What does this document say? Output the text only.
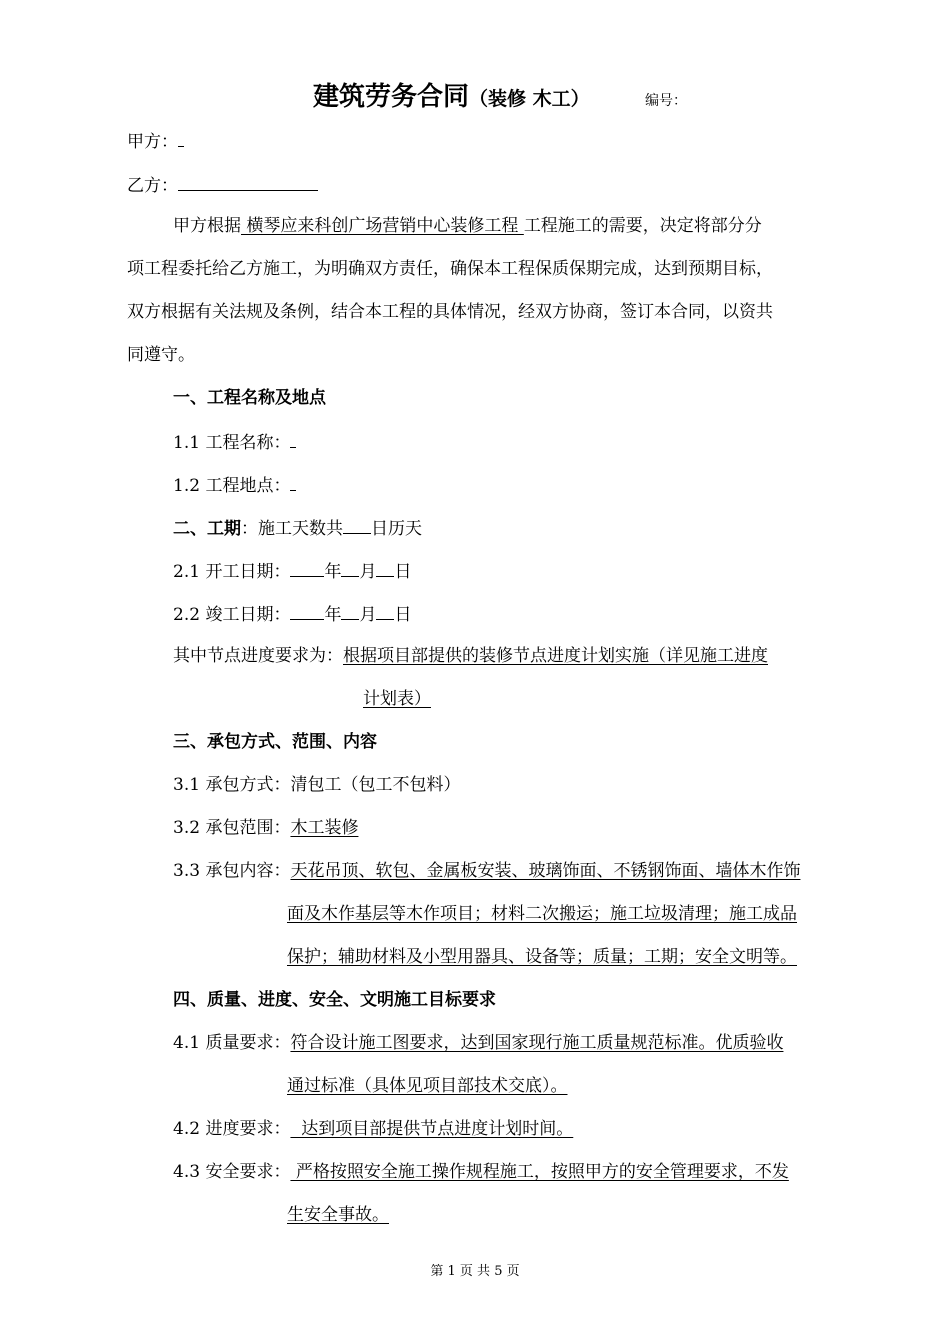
建筑劳务合同（装修 木工）	编号：
甲方：
乙方：
甲方根据 横琴应来科创广场营销中心装修工程 工程施工的需要，决定将部分分
项工程委托给乙方施工，为明确双方责任，确保本工程保质保期完成，达到预期目标，
双方根据有关法规及条例，结合本工程的具体情况，经双方协商，签订本合同，以资共
同遵守。
一、工程名称及地点
1.1 工程名称：
1.2 工程地点：
二、工期：施工天数共 日历天
2.1 开工日期： 年 月 日
2.2 竣工日期： 年 月 日
其中节点进度要求为：根据项目部提供的装修节点进度计划实施（详见施工进度
计划表）
三、承包方式、范围、内容
3.1 承包方式：清包工（包工不包料）
3.2 承包范围：木工装修
3.3 承包内容：天花吊顶、软包、金属板安装、玻璃饰面、不锈钢饰面、墙体木作饰
面及木作基层等木作项目；材料二次搬运；施工垃圾清理；施工成品
保护；辅助材料及小型用器具、设备等；质量；工期；安全文明等。
四、质量、进度、安全、文明施工目标要求
4.1 质量要求：符合设计施工图要求，达到国家现行施工质量规范标准。优质验收
通过标准（具体见项目部技术交底）。
4.2 进度要求：  达到项目部提供节点进度计划时间。
4.3 安全要求： 严格按照安全施工操作规程施工，按照甲方的安全管理要求，不发
生安全事故。
第 1 页 共 5 页
